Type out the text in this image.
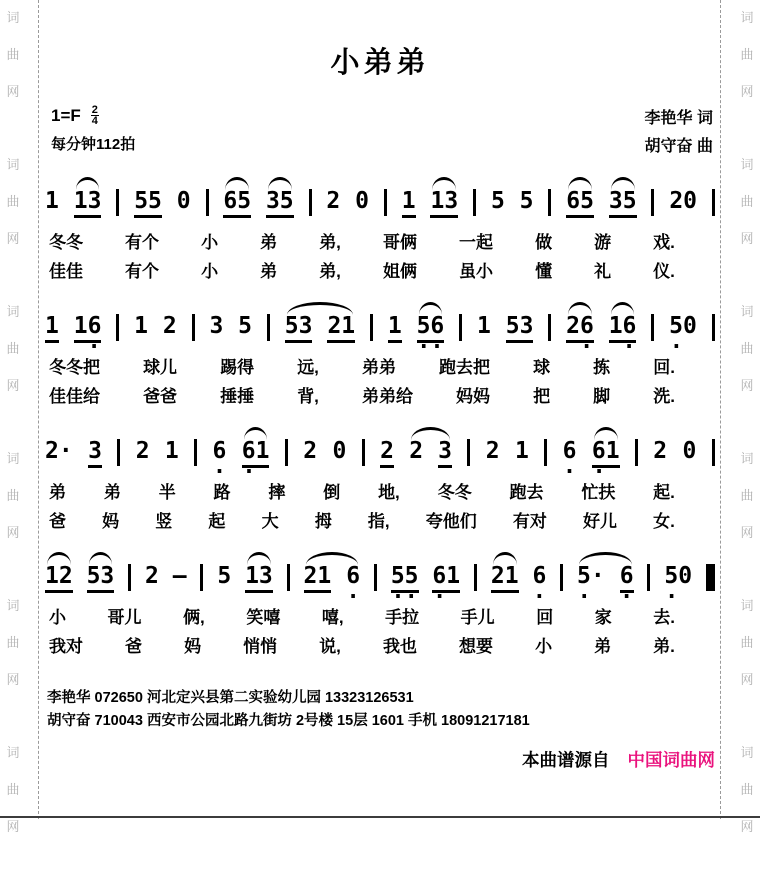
词
曲
网
词
曲
网
词
曲
网
词
曲
网
词
曲
网
词
曲
网
词
曲
网
词
曲
网
词
曲
网
词
曲
网
词
曲
网
词
曲
网
小弟弟
$1=F \frac{2}{4}$
每分钟112拍
李艳华 词
胡守奋 曲
1
13
55
0
65
35
2
0
1
13
5
5
65
35
20

冬冬 有个 小 弟 弟, 哥俩 一起 做 游 戏.
佳佳 有个 小 弟 弟, 姐俩 虽小 懂 礼 仪.
1
16
·
1
2
3
5
53
21
1
56
··
1
53
26
·
16
·
50
·
冬冬把	球儿	踢得	远,	弟弟	跑去把	球	拣	回.
佳佳给	爸爸	捶捶	背,	弟弟给	妈妈	把	脚	洗.
2·
3
2
1
6
·
61
·
2
0
2
2
3
2
1
6
·
61
·
2
0

弟 弟 半 路 摔 倒 地, 冬冬 跑去 忙扶 起.
爸 妈 竖 起 大 拇 指, 夸他们 有对 好儿 女.
12
53
2 —
5
13
21
6
·
55
··
61
·
21
6
·
5·
·
6
·
50
·
小 哥儿 俩, 笑嘻 嘻, 手拉 手儿 回 家 去.
我对 爸 妈 悄悄 说, 我也 想要 小 弟 弟.
李艳华 072650 河北定兴县第二实验幼儿园 13323126531
胡守奋 710043 西安市公园北路九街坊 2号楼 15层 1601 手机 18091217181
本曲谱源自 中国词曲网
